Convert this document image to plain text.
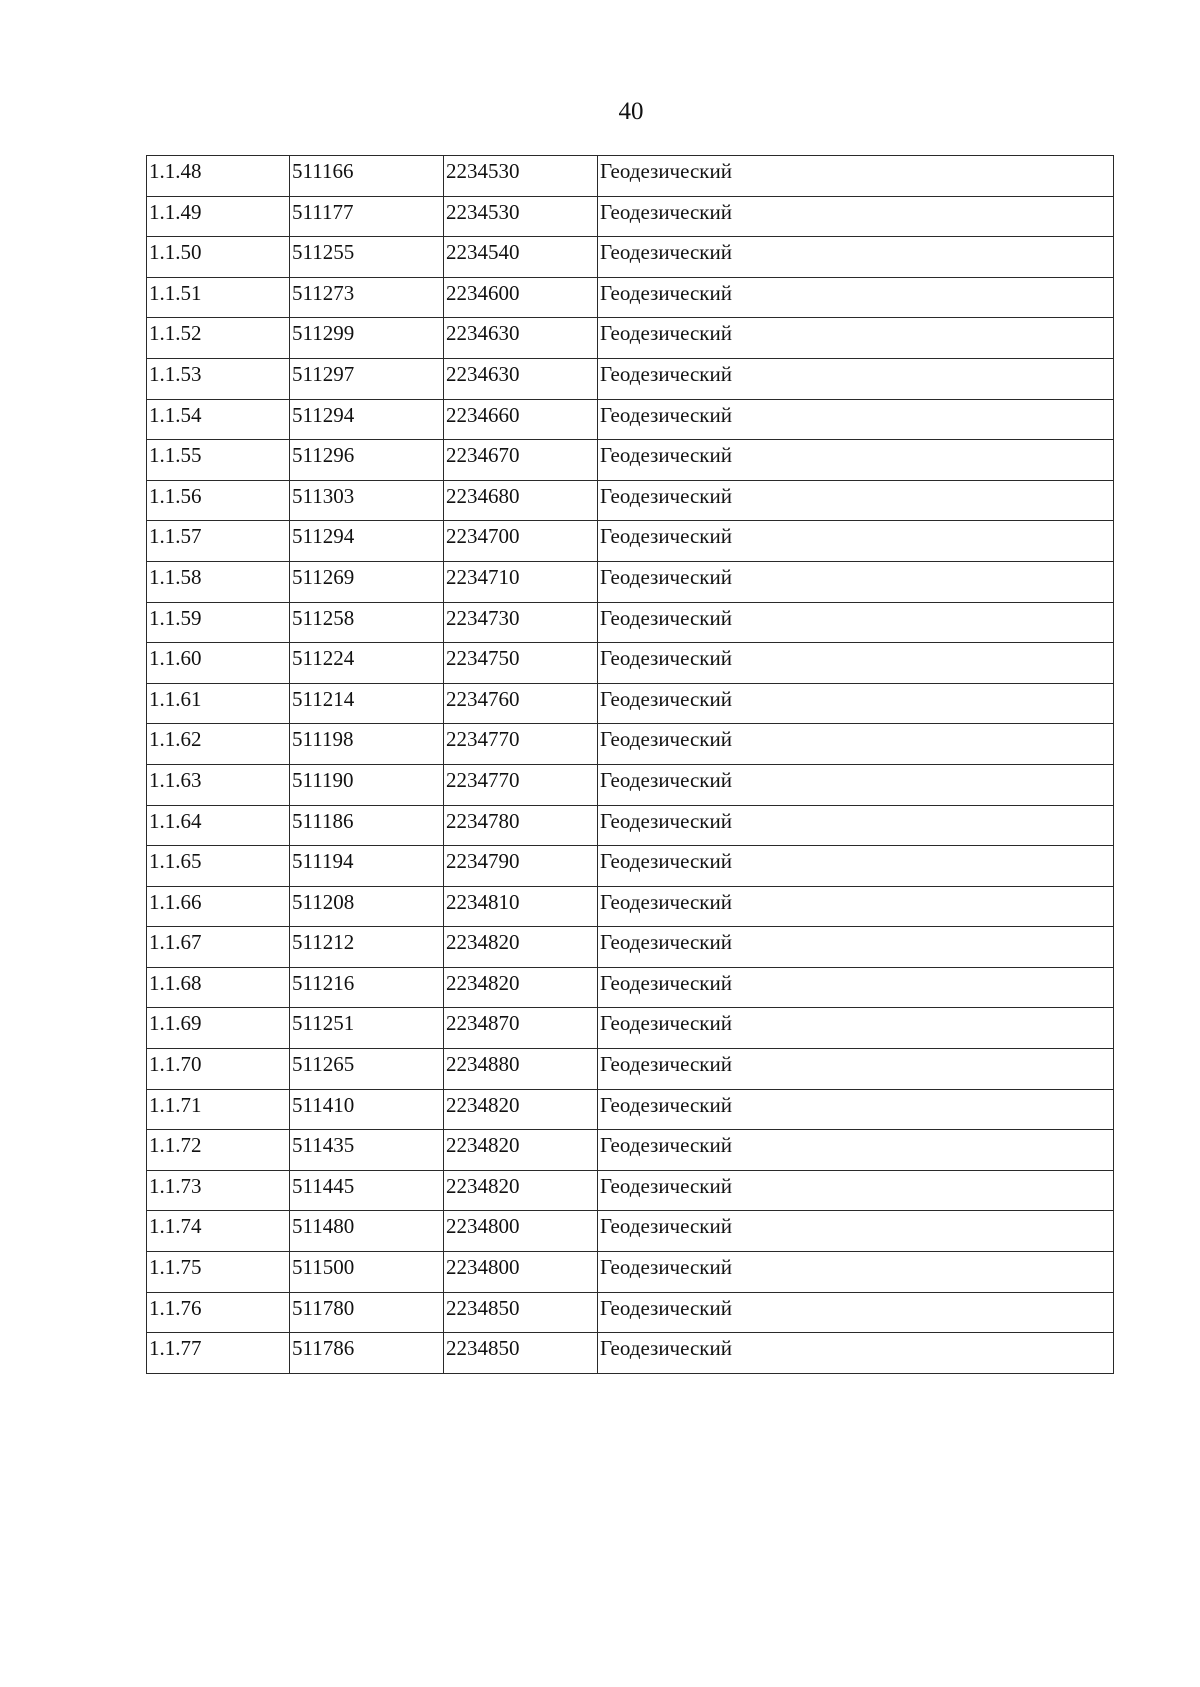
40
1.1.48	511166	2234530	Геодезический
1.1.49	511177	2234530	Геодезический
1.1.50	511255	2234540	Геодезический
1.1.51	511273	2234600	Геодезический
1.1.52	511299	2234630	Геодезический
1.1.53	511297	2234630	Геодезический
1.1.54	511294	2234660	Геодезический
1.1.55	511296	2234670	Геодезический
1.1.56	511303	2234680	Геодезический
1.1.57	511294	2234700	Геодезический
1.1.58	511269	2234710	Геодезический
1.1.59	511258	2234730	Геодезический
1.1.60	511224	2234750	Геодезический
1.1.61	511214	2234760	Геодезический
1.1.62	511198	2234770	Геодезический
1.1.63	511190	2234770	Геодезический
1.1.64	511186	2234780	Геодезический
1.1.65	511194	2234790	Геодезический
1.1.66	511208	2234810	Геодезический
1.1.67	511212	2234820	Геодезический
1.1.68	511216	2234820	Геодезический
1.1.69	511251	2234870	Геодезический
1.1.70	511265	2234880	Геодезический
1.1.71	511410	2234820	Геодезический
1.1.72	511435	2234820	Геодезический
1.1.73	511445	2234820	Геодезический
1.1.74	511480	2234800	Геодезический
1.1.75	511500	2234800	Геодезический
1.1.76	511780	2234850	Геодезический
1.1.77	511786	2234850	Геодезический
